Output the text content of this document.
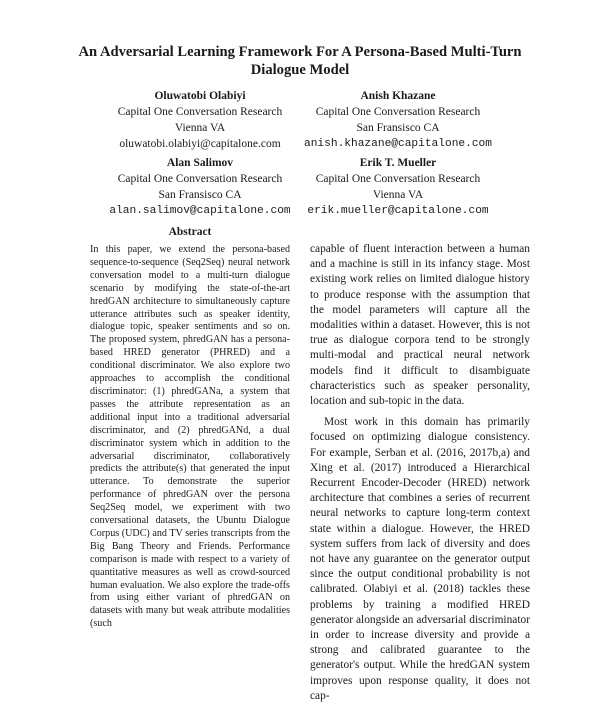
An Adversarial Learning Framework For A Persona-Based Multi-Turn Dialogue Model
Oluwatobi Olabiyi
Capital One Conversation Research
Vienna VA
oluwatobi.olabiyi@capitalone.com
Anish Khazane
Capital One Conversation Research
San Fransisco CA
anish.khazane@capitalone.com
Alan Salimov
Capital One Conversation Research
San Fransisco CA
alan.salimov@capitalone.com
Erik T. Mueller
Capital One Conversation Research
Vienna VA
erik.mueller@capitalone.com
Abstract

In this paper, we extend the persona-based sequence-to-sequence (Seq2Seq) neural network conversation model to a multi-turn dialogue scenario by modifying the state-of-the-art hredGAN architecture to simultaneously capture utterance attributes such as speaker identity, dialogue topic, speaker sentiments and so on. The proposed system, phredGAN has a persona-based HRED generator (PHRED) and a conditional discriminator. We also explore two approaches to accomplish the conditional discriminator: (1) phredGANa, a system that passes the attribute representation as an additional input into a traditional adversarial discriminator, and (2) phredGANd, a dual discriminator system which in addition to the adversarial discriminator, collaboratively predicts the attribute(s) that generated the input utterance. To demonstrate the superior performance of phredGAN over the persona Seq2Seq model, we experiment with two conversational datasets, the Ubuntu Dialogue Corpus (UDC) and TV series transcripts from the Big Bang Theory and Friends. Performance comparison is made with respect to a variety of quantitative measures as well as crowd-sourced human evaluation. We also explore the trade-offs from using either variant of phredGAN on datasets with many but weak attribute modalities (such

capable of fluent interaction between a human and a machine is still in its infancy stage. Most existing work relies on limited dialogue history to produce response with the assumption that the model parameters will capture all the modalities within a dataset. However, this is not true as dialogue corpora tend to be strongly multi-modal and practical neural network models find it difficult to disambiguate characteristics such as speaker personality, location and sub-topic in the data.

Most work in this domain has primarily focused on optimizing dialogue consistency. For example, Serban et al. (2016, 2017b,a) and Xing et al. (2017) introduced a Hierarchical Recurrent Encoder-Decoder (HRED) network architecture that combines a series of recurrent neural networks to capture long-term context state within a dialogue. However, the HRED system suffers from lack of diversity and does not have any guarantee on the generator output since the output conditional probability is not calibrated. Olabiyi et al. (2018) tackles these problems by training a modified HRED generator alongside an adversarial discriminator in order to increase diversity and provide a strong and calibrated guarantee to the generator's output. While the hredGAN system improves upon response quality, it does not cap-
